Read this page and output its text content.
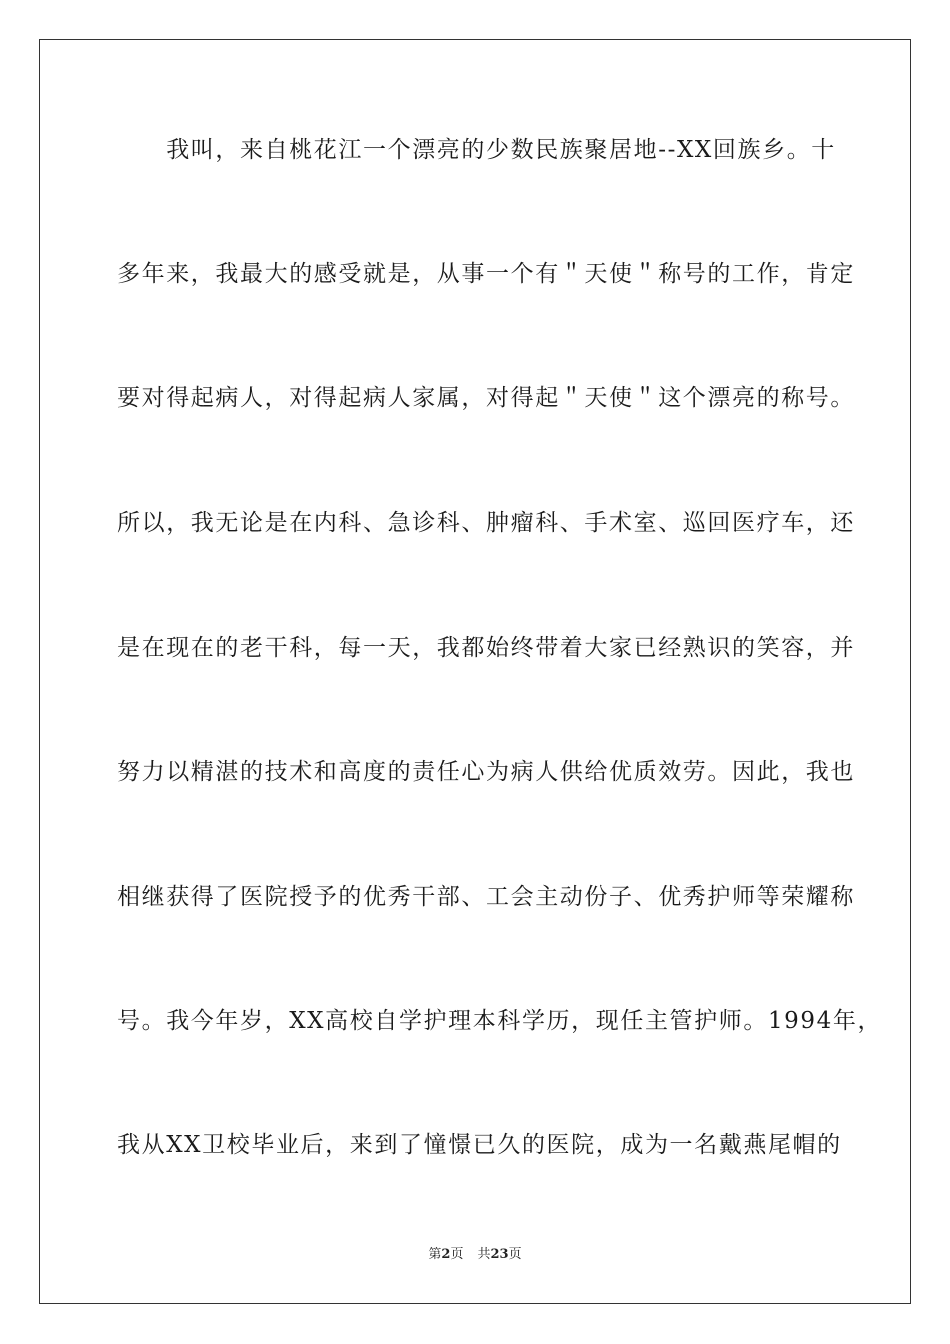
　　我叫，来自桃花江一个漂亮的少数民族聚居地--XX回族乡。十
多年来，我最大的感受就是，从事一个有＂天使＂称号的工作，肯定
要对得起病人，对得起病人家属，对得起＂天使＂这个漂亮的称号。
所以，我无论是在内科、急诊科、肿瘤科、手术室、巡回医疗车，还
是在现在的老干科，每一天，我都始终带着大家已经熟识的笑容，并
努力以精湛的技术和高度的责任心为病人供给优质效劳。因此，我也
相继获得了医院授予的优秀干部、工会主动份子、优秀护师等荣耀称
号。我今年岁，XX高校自学护理本科学历，现任主管护师。1994年，
我从XX卫校毕业后，来到了憧憬已久的医院，成为一名戴燕尾帽的
第2页 共23页
